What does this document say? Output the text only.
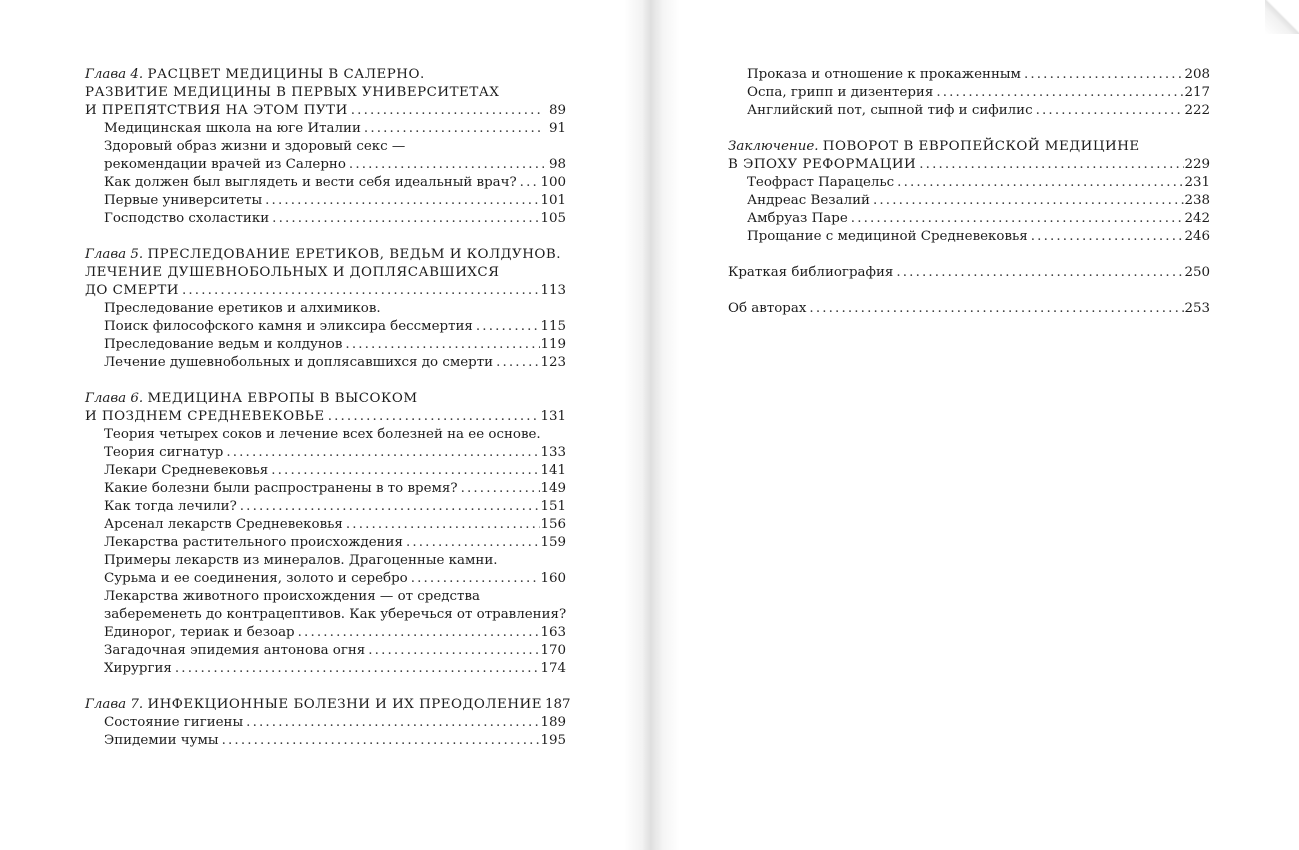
Глава 4. РАСЦВЕТ МЕДИЦИНЫ В САЛЕРНО.
РАЗВИТИЕ МЕДИЦИНЫ В ПЕРВЫХ УНИВЕРСИТЕТАХ
И ПРЕПЯТСТВИЯ НА ЭТОМ ПУТИ .....	89
Медицинская школа на юге Италии .....	91
Здоровый образ жизни и здоровый секс —
рекомендации врачей из Салерно .....	98
Как должен был выглядеть и вести себя идеальный врач? ..... 100
Первые университеты .....	101
Господство схоластики .....	105
Глава 5. ПРЕСЛЕДОВАНИЕ ЕРЕТИКОВ, ВЕДЬМ И КОЛДУНОВ.
ЛЕЧЕНИЕ ДУШЕВНОБОЛЬНЫХ И ДОПЛЯСАВШИХСЯ
ДО СМЕРТИ .....	113
Преследование еретиков и алхимиков.
Поиск философского камня и эликсира бессмертия .....	115
Преследование ведьм и колдунов .....	119
Лечение душевнобольных и доплясавшихся до смерти .....	123
Глава 6. МЕДИЦИНА ЕВРОПЫ В ВЫСОКОМ
И ПОЗДНЕМ СРЕДНЕВЕКОВЬЕ .....	131
Теория четырех соков и лечение всех болезней на ее основе.
Теория сигнатур .....	133
Лекари Средневековья .....	141
Какие болезни были распространены в то время? .....	149
Как тогда лечили? .....	151
Арсенал лекарств Средневековья .....	156
Лекарства растительного происхождения .....	159
Примеры лекарств из минералов. Драгоценные камни.
Сурьма и ее соединения, золото и серебро .....	160
Лекарства животного происхождения — от средства
забеременеть до контрацептивов. Как уберечься от отравления?
Единорог, териак и безоар .....	163
Загадочная эпидемия антонова огня .....	170
Хирургия .....	174
Глава 7. ИНФЕКЦИОННЫЕ БОЛЕЗНИ И ИХ ПРЕОДОЛЕНИЕ 187
Состояние гигиены .....	189
Эпидемии чумы .....	195
Проказа и отношение к прокаженным .....	208
Оспа, грипп и дизентерия .....	217
Английский пот, сыпной тиф и сифилис .....	222
Заключение. ПОВОРОТ В ЕВРОПЕЙСКОЙ МЕДИЦИНЕ
В ЭПОХУ РЕФОРМАЦИИ .....	229
Теофраст Парацельс .....	231
Андреас Везалий .....	238
Амбруаз Паре .....	242
Прощание с медициной Средневековья .....	246
Краткая библиография .....	250
Об авторах .....	253
